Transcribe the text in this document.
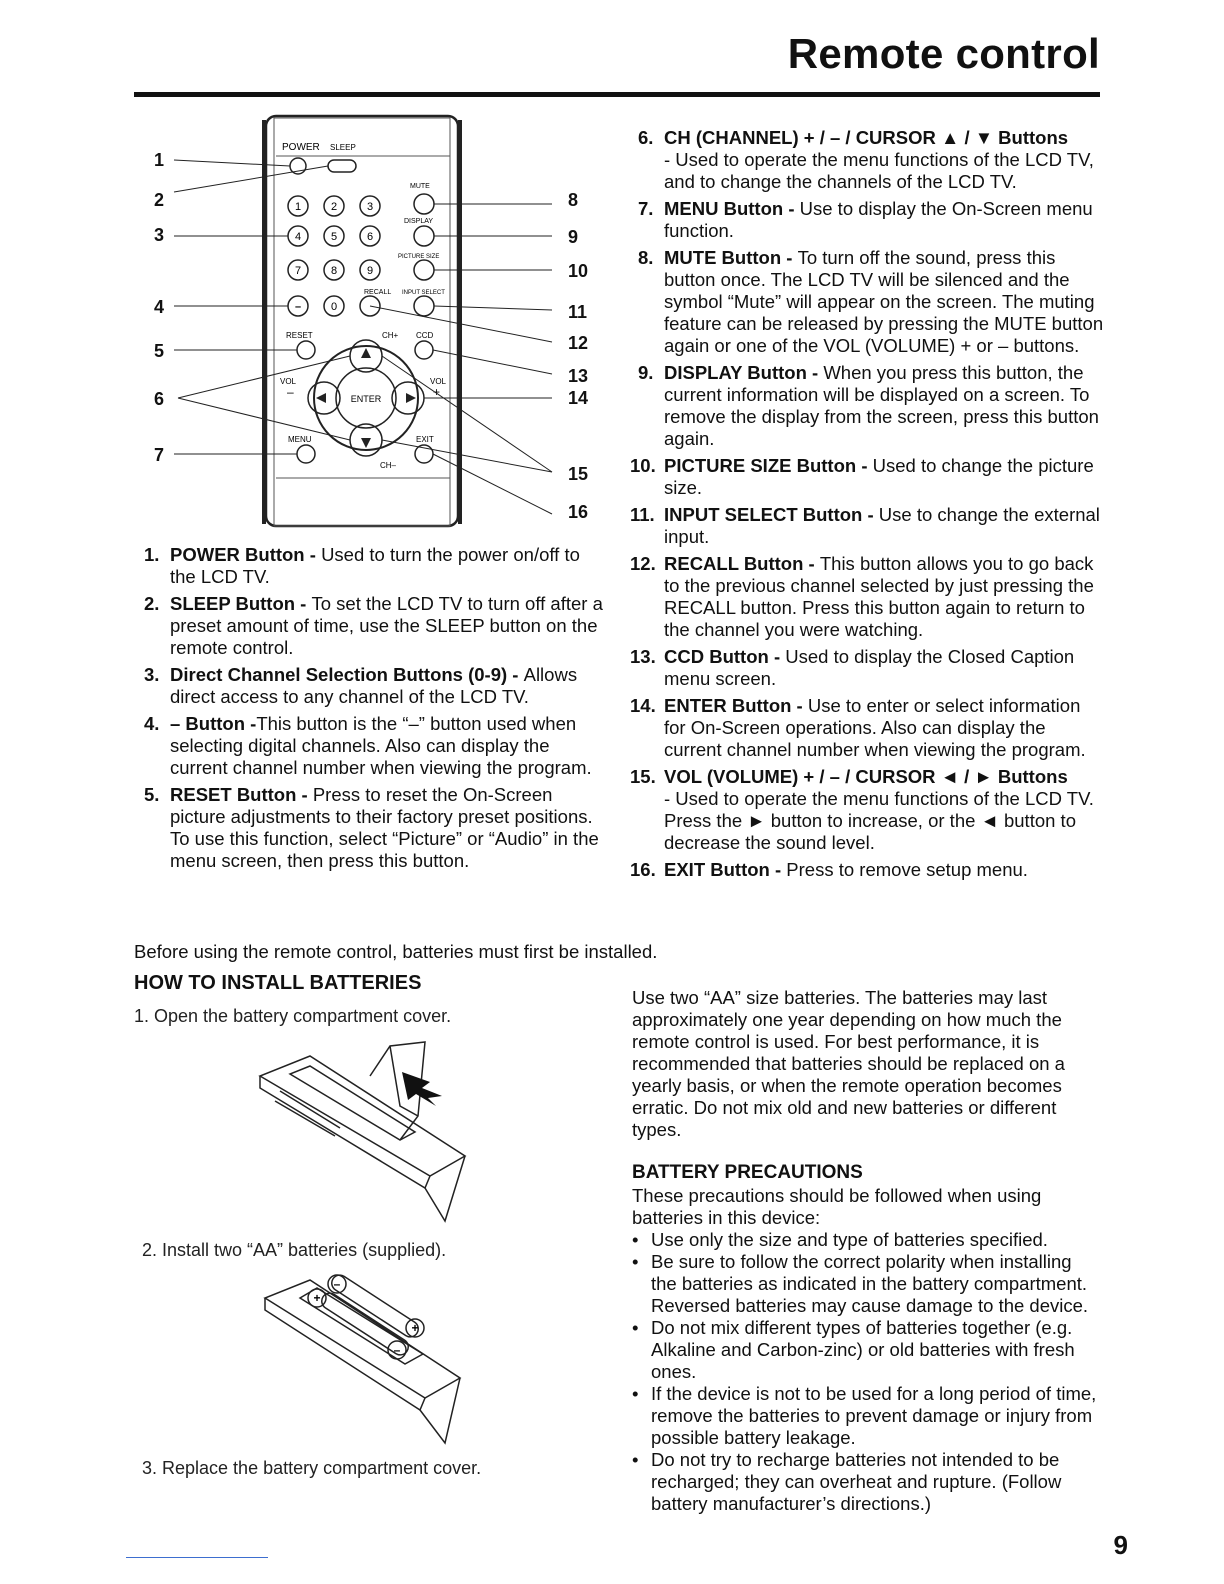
Remote control
POWER SLEEP
MUTE
DISPLAY
PICTURE SIZE
RECALL INPUT SELECT
1	2	3
4	5	6
7	8	9
0
–
RESET	CH+ CCD
VOL	VOL
–	+
ENTER
MENU	EXIT
CH–
1
2
3
4
5
6
7
8
9
10
11
12
13
14
15
16
1. POWER Button - Used to turn the power on/off to the LCD TV.
2. SLEEP Button - To set the LCD TV to turn off after a preset amount of time, use the SLEEP button on the remote control.
3. Direct Channel Selection Buttons (0-9) - Allows direct access to any channel of the LCD TV.
4. – Button -This button is the “–” button used when selecting digital channels. Also can display the current channel number when viewing the program.
5. RESET Button - Press to reset the On-Screen picture adjustments to their factory preset positions. To use this function, select “Picture” or “Audio” in the menu screen, then press this button.
6. CH (CHANNEL) + / – / CURSOR ▲ / ▼ Buttons
- Used to operate the menu functions of the LCD TV, and to change the channels of the LCD TV.
7. MENU Button - Use to display the On-Screen menu function.
8. MUTE Button - To turn off the sound, press this button once. The LCD TV will be silenced and the symbol “Mute” will appear on the screen. The muting feature can be released by pressing the MUTE button again or one of the VOL (VOLUME) + or – buttons.
9. DISPLAY Button - When you press this button, the current information will be displayed on a screen. To remove the display from the screen, press this button again.
10. PICTURE SIZE Button - Used to change the picture size.
11. INPUT SELECT Button - Use to change the external input.
12. RECALL Button - This button allows you to go back to the previous channel selected by just pressing the RECALL button. Press this button again to return to the channel you were watching.
13. CCD Button - Used to display the Closed Caption menu screen.
14. ENTER Button - Use to enter or select information for On-Screen operations. Also can display the current channel number when viewing the program.
15. VOL (VOLUME) + / – / CURSOR ◄ / ► Buttons
- Used to operate the menu functions of the LCD TV. Press the ► button to increase, or the ◄ button to decrease the sound level.
16. EXIT Button - Press to remove setup menu.
Before using the remote control, batteries must first be installed.
HOW TO INSTALL BATTERIES
1. Open the battery compartment cover.
2. Install two “AA” batteries (supplied).
+
–
+
–
3. Replace the battery compartment cover.

Use two “AA” size batteries. The batteries may last approximately one year depending on how much the remote control is used. For best performance, it is recommended that batteries should be replaced on a yearly basis, or when the remote operation becomes erratic. Do not mix old and new batteries or different types.

BATTERY PRECAUTIONS

These precautions should be followed when using batteries in this device:

• Use only the size and type of batteries specified.
• Be sure to follow the correct polarity when installing the batteries as indicated in the battery compartment. Reversed batteries may cause damage to the device.
• Do not mix different types of batteries together (e.g. Alkaline and Carbon-zinc) or old batteries with fresh ones.
• If the device is not to be used for a long period of time, remove the batteries to prevent damage or injury from possible battery leakage.
• Do not try to recharge batteries not intended to be recharged; they can overheat and rupture. (Follow battery manufacturer’s directions.)
9
